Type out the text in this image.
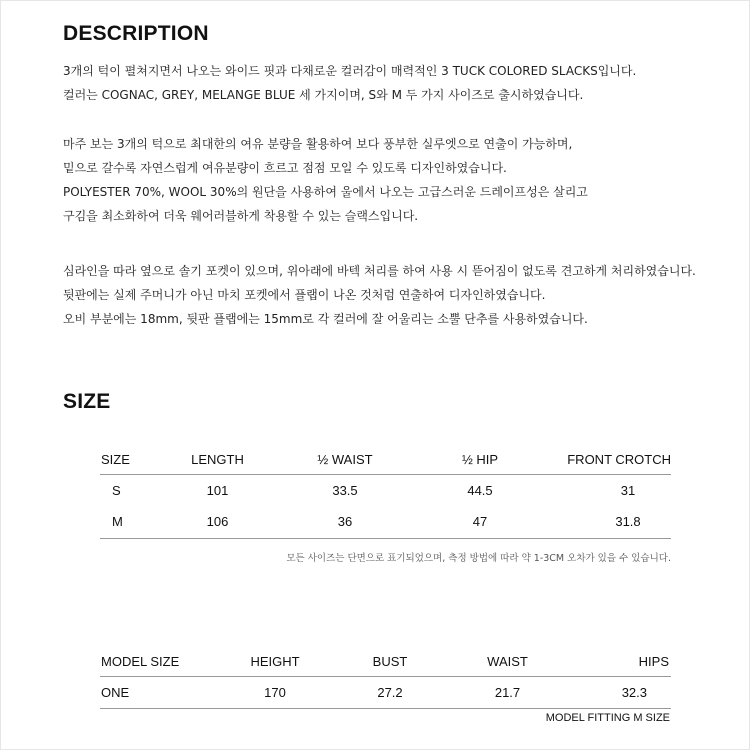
DESCRIPTION

3개의 턱이 펼쳐지면서 나오는 와이드 핏과 다채로운 컬러감이 매력적인 3 TUCK COLORED SLACKS입니다.

컬러는 COGNAC, GREY, MELANGE BLUE 세 가지이며, S와 M 두 가지 사이즈로 출시하였습니다.

마주 보는 3개의 턱으로 최대한의 여유 분량을 활용하여 보다 풍부한 실루엣으로 연출이 가능하며,

밑으로 갈수록 자연스럽게 여유분량이 흐르고 점점 모일 수 있도록 디자인하였습니다.

POLYESTER 70%, WOOL 30%의 원단을 사용하여 울에서 나오는 고급스러운 드레이프성은 살리고

구김을 최소화하여 더욱 웨어러블하게 착용할 수 있는 슬랙스입니다.

심라인을 따라 옆으로 솔기 포켓이 있으며, 위아래에 바텍 처리를 하여 사용 시 뜯어짐이 없도록 견고하게 처리하였습니다.

뒷판에는 실제 주머니가 아닌 마치 포켓에서 플랩이 나온 것처럼 연출하여 디자인하였습니다.

오비 부분에는 18mm, 뒷판 플랩에는 15mm로 각 컬러에 잘 어울리는 소뿔 단추를 사용하였습니다.

SIZE
SIZE	LENGTH	½ WAIST	½ HIP	FRONT CROTCH
S	101	33.5	44.5	31
M	106	36	47	31.8
모든 사이즈는 단면으로 표기되었으며, 측정 방법에 따라 약 1-3CM 오차가 있을 수 있습니다.
MODEL SIZE	HEIGHT	BUST	WAIST	HIPS
ONE	170	27.2	21.7	32.3
MODEL FITTING M SIZE
